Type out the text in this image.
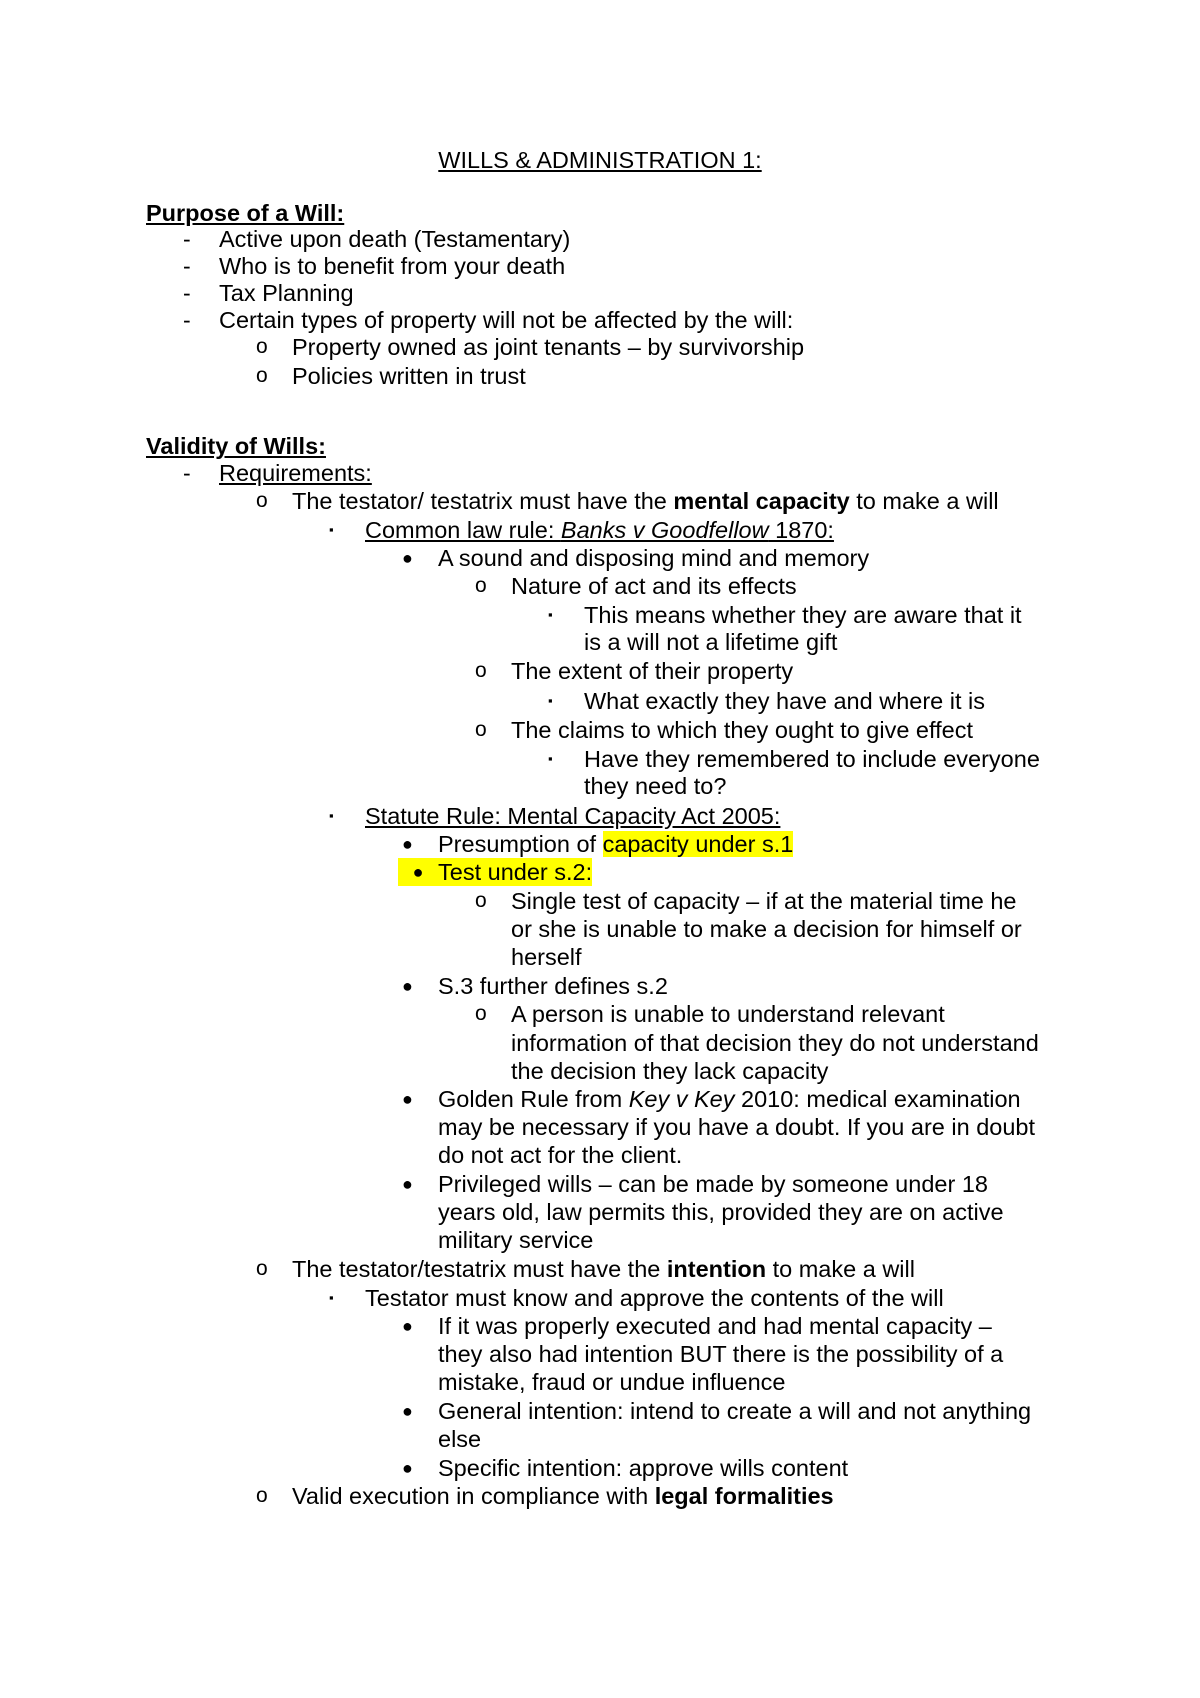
WILLS & ADMINISTRATION 1:
Purpose of a Will:
- Active upon death (Testamentary)
- Who is to benefit from your death
- Tax Planning
- Certain types of property will not be affected by the will:
o Property owned as joint tenants – by survivorship
o Policies written in trust
Validity of Wills:
- Requirements:
o The testator/ testatrix must have the mental capacity to make a will
▪ Common law rule: Banks v Goodfellow 1870:
● A sound and disposing mind and memory
o Nature of act and its effects
▪ This means whether they are aware that it
is a will not a lifetime gift
o The extent of their property
▪ What exactly they have and where it is
o The claims to which they ought to give effect
▪ Have they remembered to include everyone
they need to?
▪ Statute Rule: Mental Capacity Act 2005:
● Presumption of capacity under s.1
● Test under s.2:
o Single test of capacity – if at the material time he
or she is unable to make a decision for himself or
herself
● S.3 further defines s.2
o A person is unable to understand relevant
information of that decision they do not understand
the decision they lack capacity
● Golden Rule from Key v Key 2010: medical examination
may be necessary if you have a doubt. If you are in doubt
do not act for the client.
● Privileged wills – can be made by someone under 18
years old, law permits this, provided they are on active
military service
o The testator/testatrix must have the intention to make a will
▪ Testator must know and approve the contents of the will
● If it was properly executed and had mental capacity –
they also had intention BUT there is the possibility of a
mistake, fraud or undue influence
● General intention: intend to create a will and not anything
else
● Specific intention: approve wills content
o Valid execution in compliance with legal formalities
